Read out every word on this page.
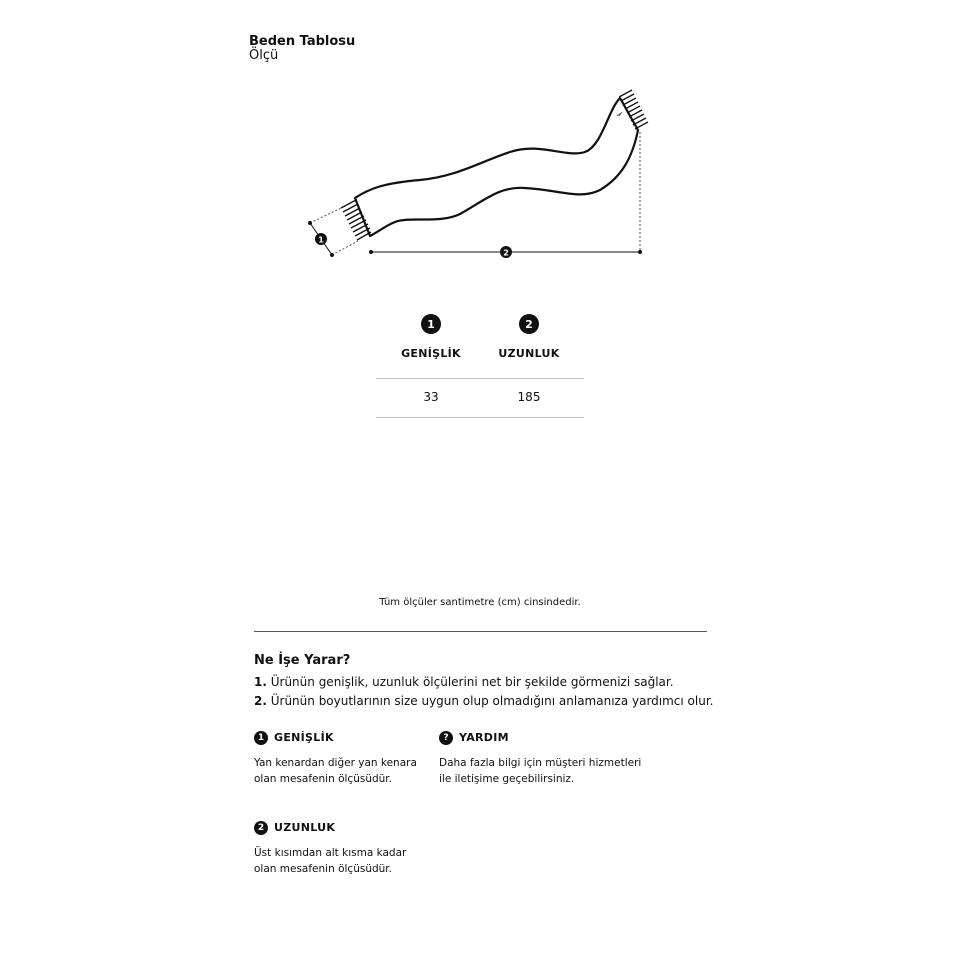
Beden Tablosu
Ölçü
1
2
1	2
GENİŞLİK	UZUNLUK
33	185
Tüm ölçüler santimetre (cm) cinsindedir.
Ne İşe Yarar?
1. Ürünün genişlik, uzunluk ölçülerini net bir şekilde görmenizi sağlar.
2. Ürünün boyutlarının size uygun olup olmadığını anlamanıza yardımcı olur.
1 GENİŞLİK
Yan kenardan diğer yan kenara
olan mesafenin ölçüsüdür.
? YARDIM
Daha fazla bilgi için müşteri hizmetleri
ile iletişime geçebilirsiniz.
2 UZUNLUK
Üst kısımdan alt kısma kadar
olan mesafenin ölçüsüdür.
